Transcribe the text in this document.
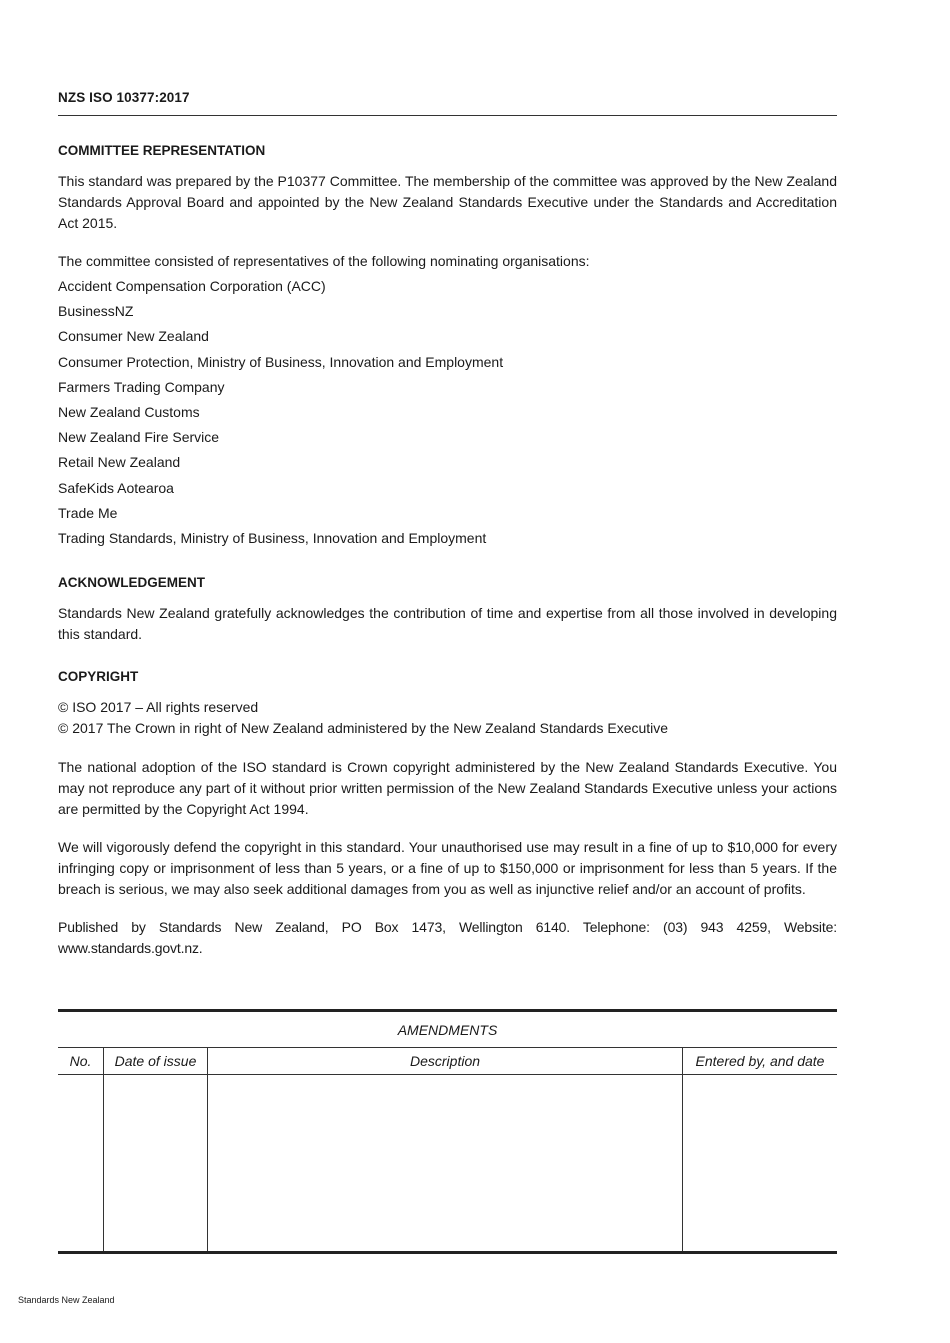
NZS ISO 10377:2017
COMMITTEE REPRESENTATION
This standard was prepared by the P10377 Committee. The membership of the committee was approved by the New Zealand Standards Approval Board and appointed by the New Zealand Standards Executive under the Standards and Accreditation Act 2015.
The committee consisted of representatives of the following nominating organisations:
Accident Compensation Corporation (ACC)
BusinessNZ
Consumer New Zealand
Consumer Protection, Ministry of Business, Innovation and Employment
Farmers Trading Company
New Zealand Customs
New Zealand Fire Service
Retail New Zealand
SafeKids Aotearoa
Trade Me
Trading Standards, Ministry of Business, Innovation and Employment
ACKNOWLEDGEMENT
Standards New Zealand gratefully acknowledges the contribution of time and expertise from all those involved in developing this standard.
COPYRIGHT
© ISO 2017 – All rights reserved
© 2017 The Crown in right of New Zealand administered by the New Zealand Standards Executive
The national adoption of the ISO standard is Crown copyright administered by the New Zealand Standards Executive. You may not reproduce any part of it without prior written permission of the New Zealand Standards Executive unless your actions are permitted by the Copyright Act 1994.
We will vigorously defend the copyright in this standard. Your unauthorised use may result in a fine of up to $10,000 for every infringing copy or imprisonment of less than 5 years, or a fine of up to $150,000 or imprisonment for less than 5 years. If the breach is serious, we may also seek additional damages from you as well as injunctive relief and/or an account of profits.
Published by Standards New Zealand, PO Box 1473, Wellington 6140. Telephone: (03) 943 4259, Website: www.standards.govt.nz.
AMENDMENTS
No.	Date of issue	Description	Entered by, and date
Standards New Zealand
